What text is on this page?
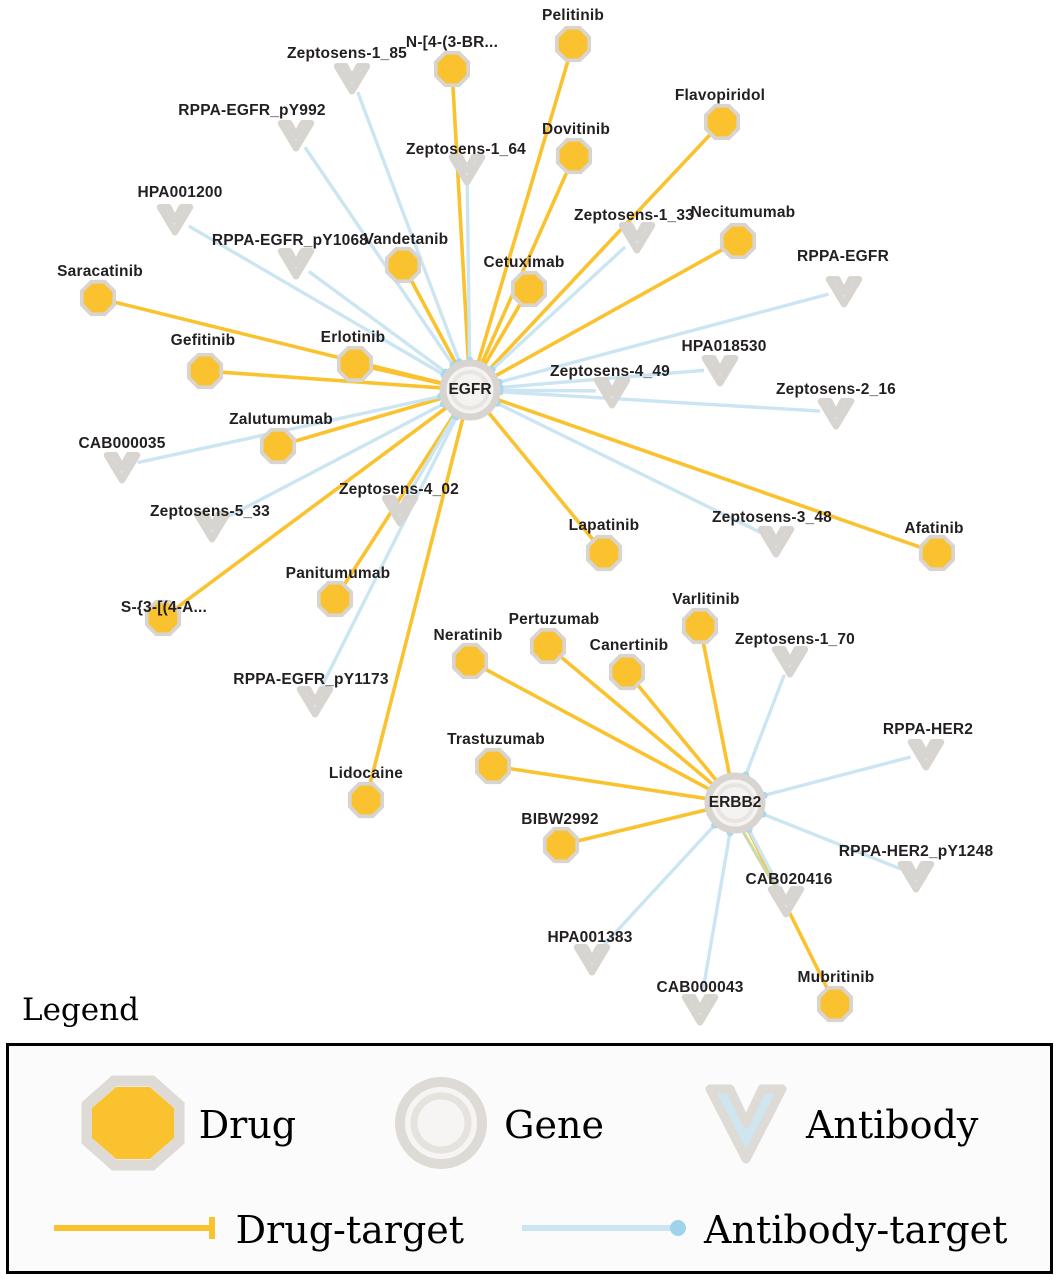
Zeptosens-1_85
RPPA-EGFR_pY992
Zeptosens-1_64
HPA001200
Zeptosens-1_33
RPPA-EGFR_pY1068
RPPA-EGFR
HPA018530
Zeptosens-4_49
Zeptosens-2_16
CAB000035
Zeptosens-4_02
Zeptosens-5_33	Zeptosens-3_48
Zeptosens-1_70
RPPA-EGFR_pY1173
RPPA-HER2
RPPA-HER2_pY1248
CAB020416
HPA001383
CAB000043
Pelitinib
N-[4-(3-BR...
Flavopiridol
Dovitinib
Necitumumab
Vandetanib
Cetuximab
Saracatinib
Erlotinib
Gefitinib
Zalutumumab
Afatinib
Lapatinib
Panitumumab
Varlitinib
S-{3-[(4-A...
Pertuzumab
Neratinib
Canertinib
Trastuzumab
Lidocaine
BIBW2992
Mubritinib
EGFR
ERBB2
Legend
Drug	Gene	Antibody
Drug-target	Antibody-target
